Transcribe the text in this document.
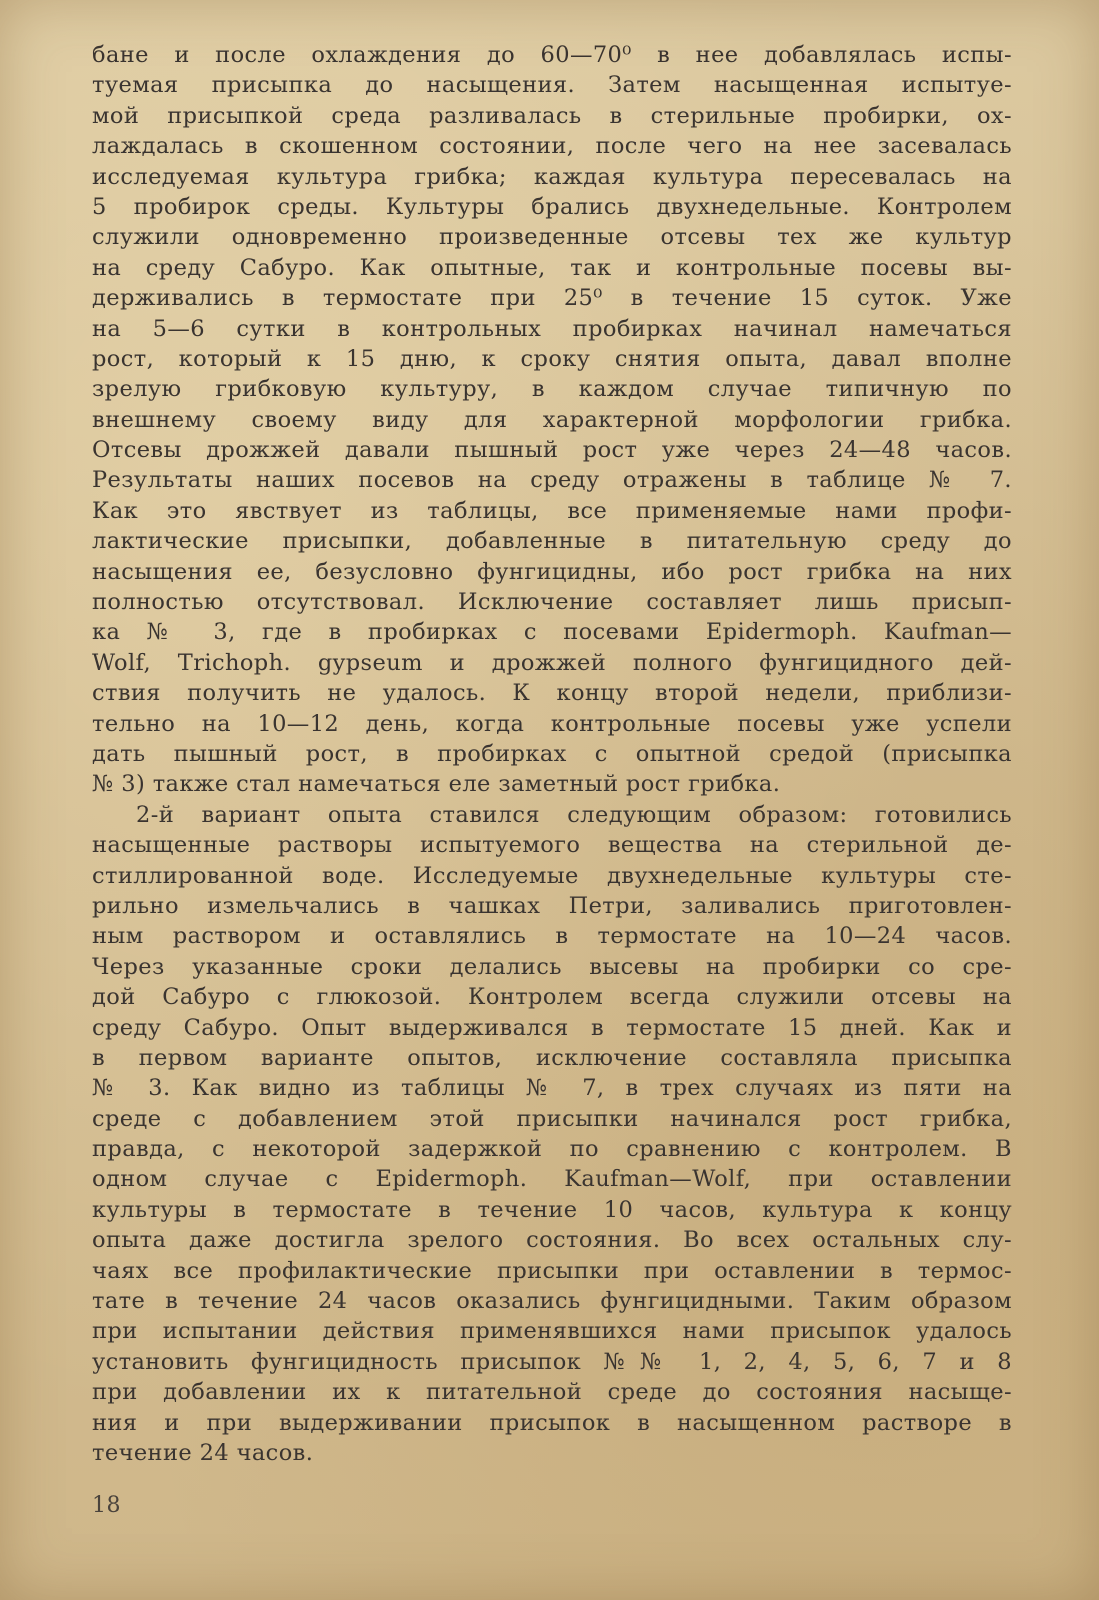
бане и после охлаждения до 60—70⁰ в нее добавлялась испы-
туемая присыпка до насыщения. Затем насыщенная испытуе-
мой присыпкой среда разливалась в стерильные пробирки, ох-
лаждалась в скошенном состоянии, после чего на нее засевалась
исследуемая культура грибка; каждая культура пересевалась на
5 пробирок среды. Культуры брались двухнедельные. Контролем
служили одновременно произведенные отсевы тех же культур
на среду Сабуро. Как опытные, так и контрольные посевы вы-
держивались в термостате при 25⁰ в течение 15 суток. Уже
на 5—6 сутки в контрольных пробирках начинал намечаться
рост, который к 15 дню, к сроку снятия опыта, давал вполне
зрелую грибковую культуру, в каждом случае типичную по
внешнему своему виду для характерной морфологии грибка.
Отсевы дрожжей давали пышный рост уже через 24—48 часов.
Результаты наших посевов на среду отражены в таблице № 7.
Как это явствует из таблицы, все применяемые нами профи-
лактические присыпки, добавленные в питательную среду до
насыщения ее, безусловно фунгицидны, ибо рост грибка на них
полностью отсутствовал. Исключение составляет лишь присып-
ка № 3, где в пробирках с посевами Epidermoph. Kaufman—
Wolf, Trichoph. gypseum и дрожжей полного фунгицидного дей-
ствия получить не удалось. К концу второй недели, приблизи-
тельно на 10—12 день, когда контрольные посевы уже успели
дать пышный рост, в пробирках с опытной средой (присыпка
№ 3) также стал намечаться еле заметный рост грибка.
2-й вариант опыта ставился следующим образом: готовились
насыщенные растворы испытуемого вещества на стерильной де-
стиллированной воде. Исследуемые двухнедельные культуры сте-
рильно измельчались в чашках Петри, заливались приготовлен-
ным раствором и оставлялись в термостате на 10—24 часов.
Через указанные сроки делались высевы на пробирки со сре-
дой Сабуро с глюкозой. Контролем всегда служили отсевы на
среду Сабуро. Опыт выдерживался в термостате 15 дней. Как и
в первом варианте опытов, исключение составляла присыпка
№ 3. Как видно из таблицы № 7, в трех случаях из пяти на
среде с добавлением этой присыпки начинался рост грибка,
правда, с некоторой задержкой по сравнению с контролем. В
одном случае с Epidermoph. Kaufman—Wolf, при оставлении
культуры в термостате в течение 10 часов, культура к концу
опыта даже достигла зрелого состояния. Во всех остальных слу-
чаях все профилактические присыпки при оставлении в термос-
тате в течение 24 часов оказались фунгицидными. Таким образом
при испытании действия применявшихся нами присыпок удалось
установить фунгицидность присыпок №№ 1, 2, 4, 5, 6, 7 и 8
при добавлении их к питательной среде до состояния насыще-
ния и при выдерживании присыпок в насыщенном растворе в
течение 24 часов.
18
